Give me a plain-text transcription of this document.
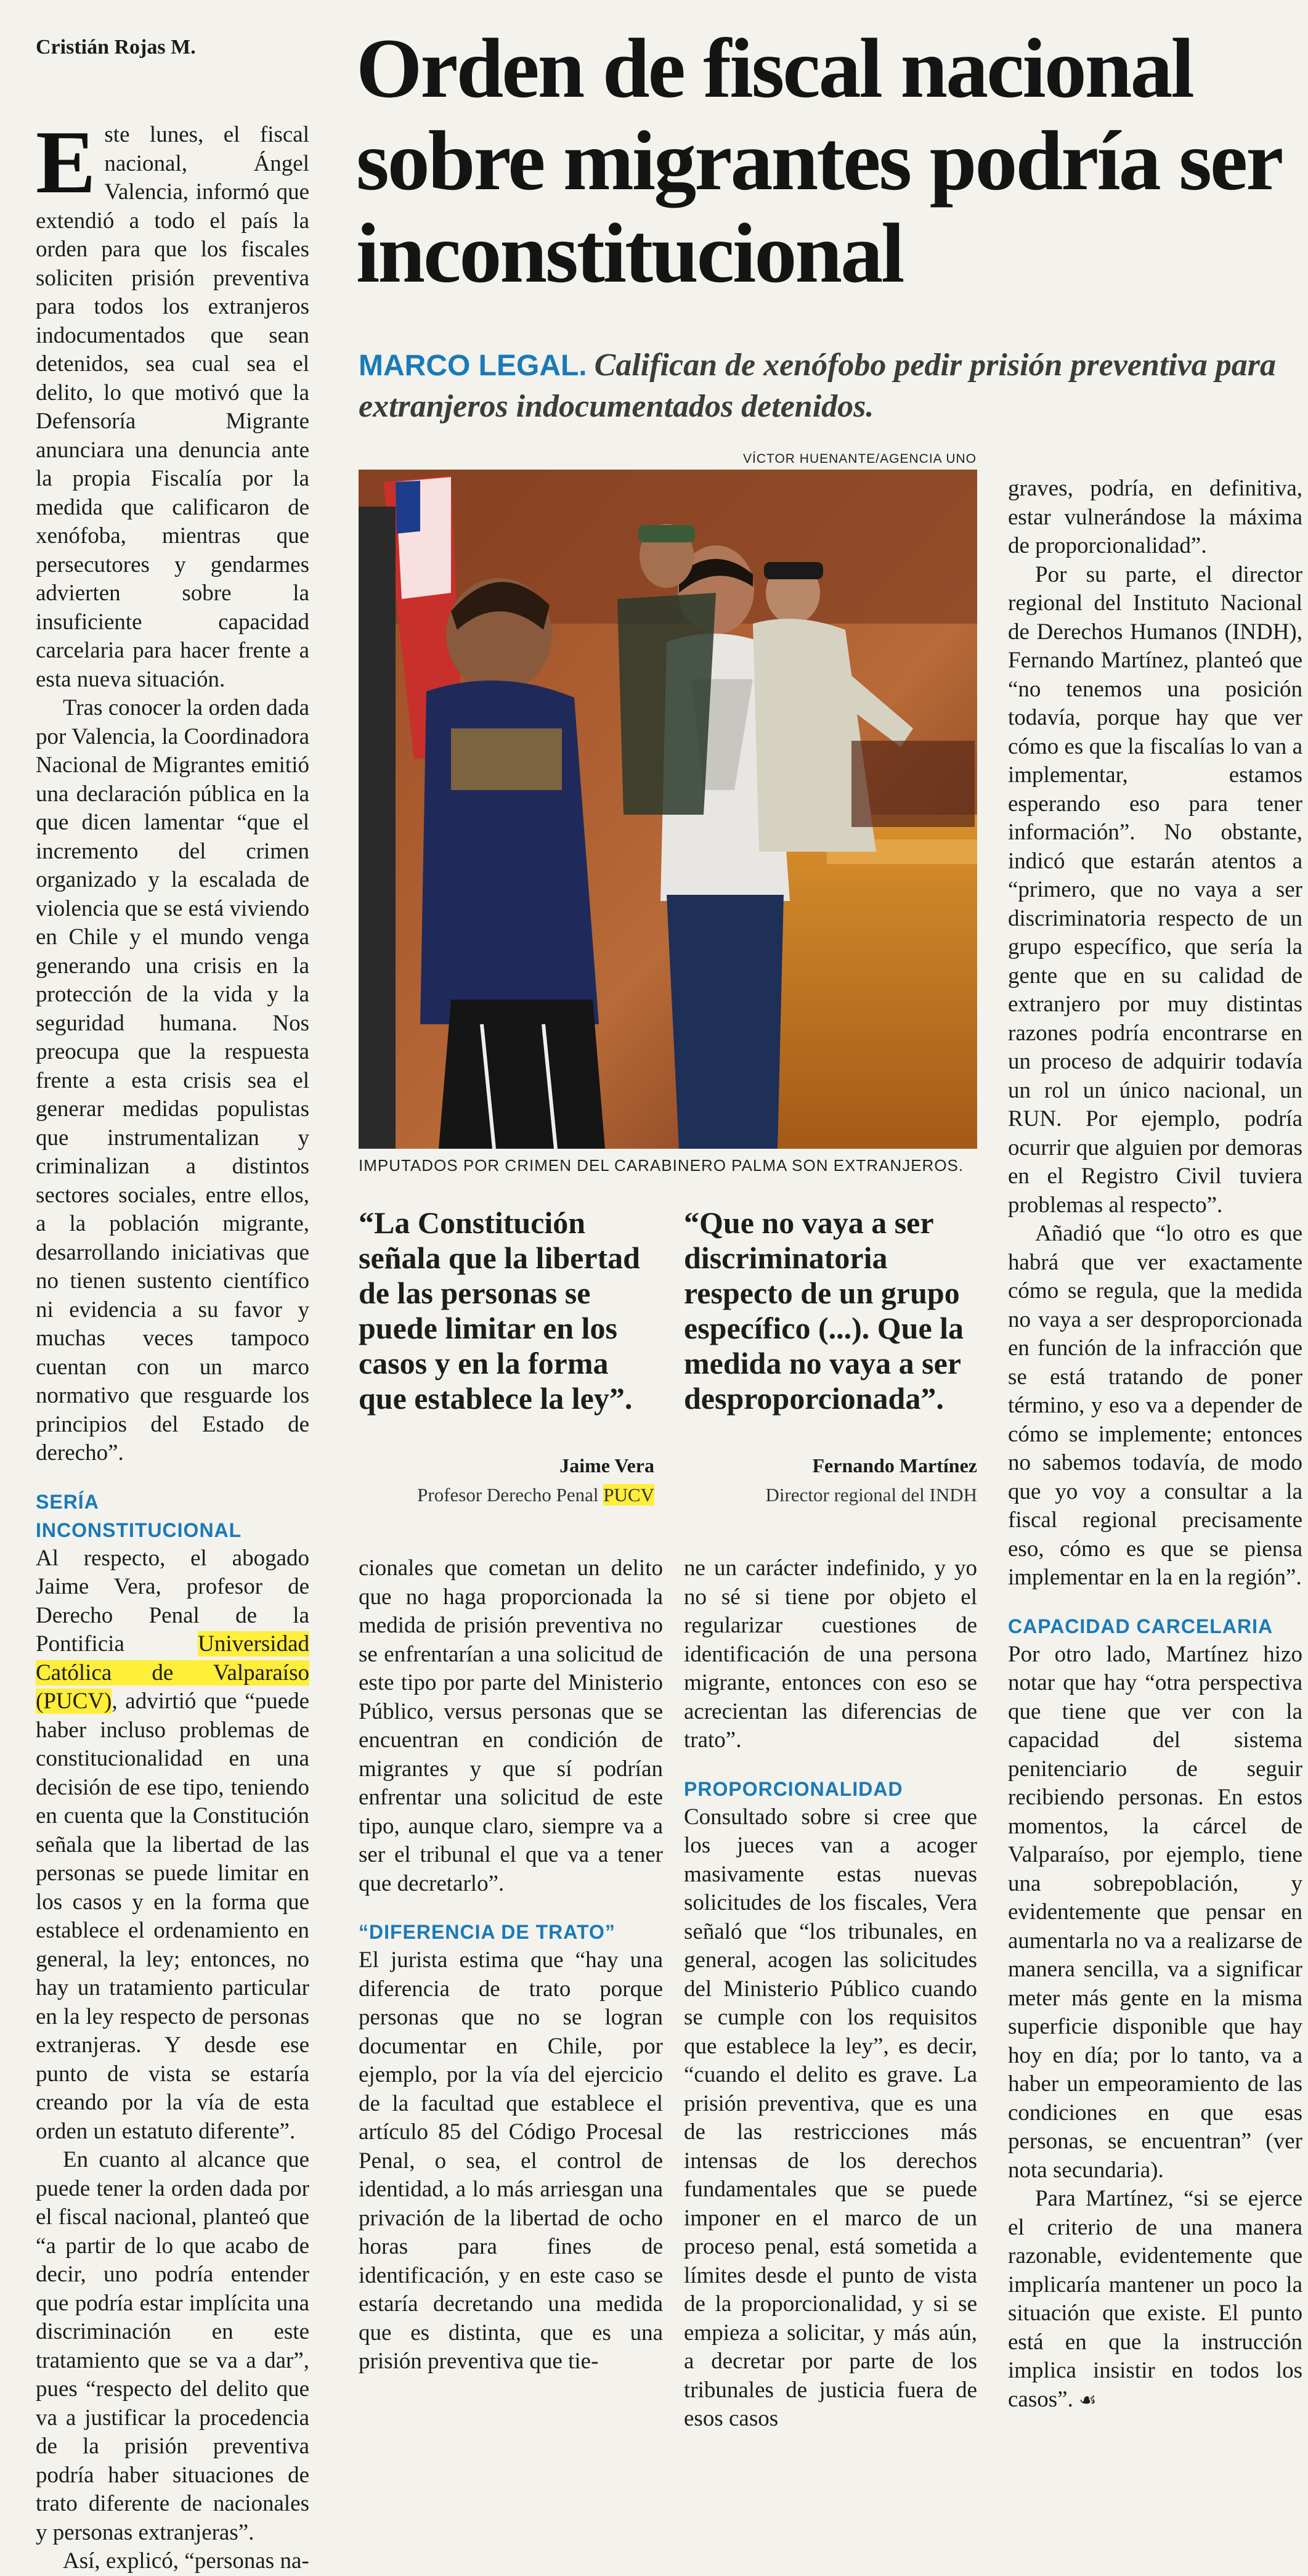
Cristián Rojas M. Orden de fiscal nacional sobre migrantes podría ser inconstitucional
MARCO LEGAL. Califican de xenófobo pedir prisión preventiva para extranjeros indocumentados detenidos.
VÍCTOR HUENANTE/AGENCIA UNO
IMPUTADOS POR CRIMEN DEL CARABINERO PALMA SON EXTRANJEROS.
“La Constitución señala que la libertad de las personas se puede limitar en los casos y en la forma que establece la ley”.
Jaime Vera
Profesor Derecho Penal PUCV
“Que no vaya a ser discriminatoria respecto de un grupo específico (...). Que la medida no vaya a ser desproporcionada”.
Fernando Martínez
Director regional del INDH

Este lunes, el fiscal nacional, Ángel Valencia, informó que extendió a todo el país la orden para que los fiscales soliciten prisión preventiva para todos los extranjeros indocumentados que sean detenidos, sea cual sea el delito, lo que motivó que la Defensoría Migrante anunciara una denuncia ante la propia Fiscalía por la medida que calificaron de xenófoba, mientras que persecutores y gendarmes advierten sobre la insuficiente capacidad carcelaria para hacer frente a esta nueva situación.

Tras conocer la orden dada por Valencia, la Coordinadora Nacional de Migrantes emitió una declaración pública en la que dicen lamentar “que el incremento del crimen organizado y la escalada de violencia que se está viviendo en Chile y el mundo venga generando una crisis en la protección de la vida y la seguridad humana. Nos preocupa que la respuesta frente a esta crisis sea el generar medidas populistas que instrumentalizan y criminalizan a distintos sectores sociales, entre ellos, a la población migrante, desarrollando iniciativas que no tienen sustento científico ni evidencia a su favor y muchas veces tampoco cuentan con un marco normativo que resguarde los principios del Estado de derecho”.

SERÍA INCONSTITUCIONAL

Al respecto, el abogado Jaime Vera, profesor de Derecho Penal de la Pontificia Universidad Católica de Valparaíso (PUCV), advirtió que “puede haber incluso problemas de constitucionalidad en una decisión de ese tipo, teniendo en cuenta que la Constitución señala que la libertad de las personas se puede limitar en los casos y en la forma que establece el ordenamiento en general, la ley; entonces, no hay un tratamiento particular en la ley respecto de personas extranjeras. Y desde ese punto de vista se estaría creando por la vía de esta orden un estatuto diferente”.

En cuanto al alcance que puede tener la orden dada por el fiscal nacional, planteó que “a partir de lo que acabo de decir, uno podría entender que podría estar implícita una discriminación en este tratamiento que se va a dar”, pues “respecto del delito que va a justificar la procedencia de la prisión preventiva podría haber situaciones de trato diferente de nacionales y personas extranjeras”.

Así, explicó, “personas na-

cionales que cometan un delito que no haga proporcionada la medida de prisión preventiva no se enfrentarían a una solicitud de este tipo por parte del Ministerio Público, versus personas que se encuentran en condición de migrantes y que sí podrían enfrentar una solicitud de este tipo, aunque claro, siempre va a ser el tribunal el que va a tener que decretarlo”.

“DIFERENCIA DE TRATO”

El jurista estima que “hay una diferencia de trato porque personas que no se logran documentar en Chile, por ejemplo, por la vía del ejercicio de la facultad que establece el artículo 85 del Código Procesal Penal, o sea, el control de identidad, a lo más arriesgan una privación de la libertad de ocho horas para fines de identificación, y en este caso se estaría decretando una medida que es distinta, que es una prisión preventiva que tie-

ne un carácter indefinido, y yo no sé si tiene por objeto el regularizar cuestiones de identificación de una persona migrante, entonces con eso se acrecientan las diferencias de trato”.

PROPORCIONALIDAD

Consultado sobre si cree que los jueces van a acoger masivamente estas nuevas solicitudes de los fiscales, Vera señaló que “los tribunales, en general, acogen las solicitudes del Ministerio Público cuando se cumple con los requisitos que establece la ley”, es decir, “cuando el delito es grave. La prisión preventiva, que es una de las restricciones más intensas de los derechos fundamentales que se puede imponer en el marco de un proceso penal, está sometida a límites desde el punto de vista de la proporcionalidad, y si se empieza a solicitar, y más aún, a decretar por parte de los tribunales de justicia fuera de esos casos

graves, podría, en definitiva, estar vulnerándose la máxima de proporcionalidad”.

Por su parte, el director regional del Instituto Nacional de Derechos Humanos (INDH), Fernando Martínez, planteó que “no tenemos una posición todavía, porque hay que ver cómo es que la fiscalías lo van a implementar, estamos esperando eso para tener información”. No obstante, indicó que estarán atentos a “primero, que no vaya a ser discriminatoria respecto de un grupo específico, que sería la gente que en su calidad de extranjero por muy distintas razones podría encontrarse en un proceso de adquirir todavía un rol un único nacional, un RUN. Por ejemplo, podría ocurrir que alguien por demoras en el Registro Civil tuviera problemas al respecto”.

Añadió que “lo otro es que habrá que ver exactamente cómo se regula, que la medida no vaya a ser desproporcionada en función de la infracción que se está tratando de poner término, y eso va a depender de cómo se implemente; entonces no sabemos todavía, de modo que yo voy a consultar a la fiscal regional precisamente eso, cómo es que se piensa implementar en la en la región”.

CAPACIDAD CARCELARIA

Por otro lado, Martínez hizo notar que hay “otra perspectiva que tiene que ver con la capacidad del sistema penitenciario de seguir recibiendo personas. En estos momentos, la cárcel de Valparaíso, por ejemplo, tiene una sobrepoblación, y evidentemente que pensar en aumentarla no va a realizarse de manera sencilla, va a significar meter más gente en la misma superficie disponible que hay hoy en día; por lo tanto, va a haber un empeoramiento de las condiciones en que esas personas, se encuentran” (ver nota secundaria).

Para Martínez, “si se ejerce el criterio de una manera razonable, evidentemente que implicaría mantener un poco la situación que existe. El punto está en que la instrucción implica insistir en todos los casos”. ☙
